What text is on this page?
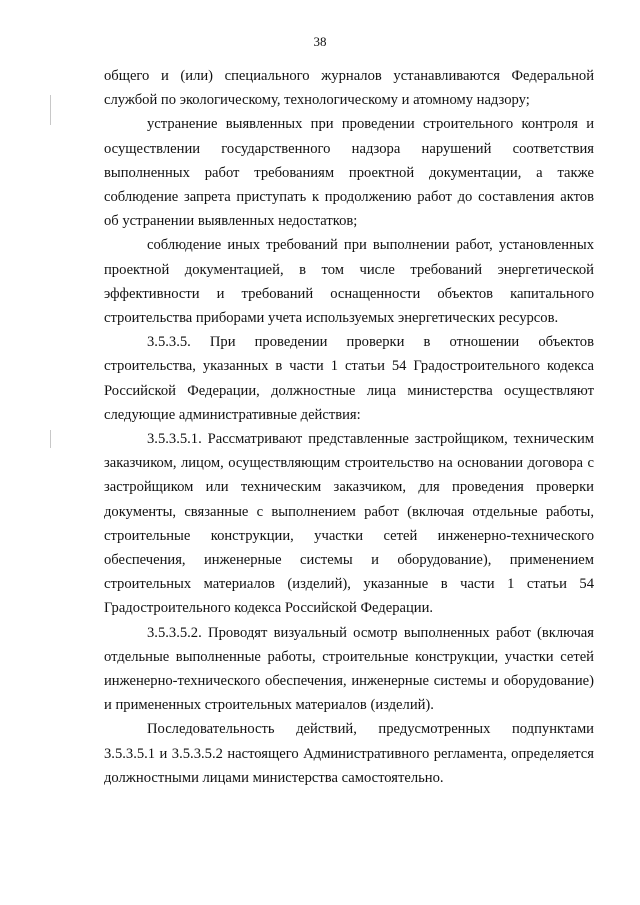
38

общего и (или) специального журналов устанавливаются Федеральной службой по экологическому, технологическому и атомному надзору;

устранение выявленных при проведении строительного контроля и осуществлении государственного надзора нарушений соответствия выполненных работ требованиям проектной документации, а также соблюдение запрета приступать к продолжению работ до составления актов об устранении выявленных недостатков;

соблюдение иных требований при выполнении работ, установленных проектной документацией, в том числе требований энергетической эффективности и требований оснащенности объектов капитального строительства приборами учета используемых энергетических ресурсов.

3.5.3.5. При проведении проверки в отношении объектов строительства, указанных в части 1 статьи 54 Градостроительного кодекса Российской Федерации, должностные лица министерства осуществляют следующие административные действия:

3.5.3.5.1. Рассматривают представленные застройщиком, техническим заказчиком, лицом, осуществляющим строительство на основании договора с застройщиком или техническим заказчиком, для проведения проверки документы, связанные с выполнением работ (включая отдельные работы, строительные конструкции, участки сетей инженерно-технического обеспечения, инженерные системы и оборудование), применением строительных материалов (изделий), указанные в части 1 статьи 54 Градостроительного кодекса Российской Федерации.

3.5.3.5.2. Проводят визуальный осмотр выполненных работ (включая отдельные выполненные работы, строительные конструкции, участки сетей инженерно-технического обеспечения, инженерные системы и оборудование) и примененных строительных материалов (изделий).

Последовательность действий, предусмотренных подпунктами 3.5.3.5.1 и 3.5.3.5.2 настоящего Административного регламента, определяется должностными лицами министерства самостоятельно.
